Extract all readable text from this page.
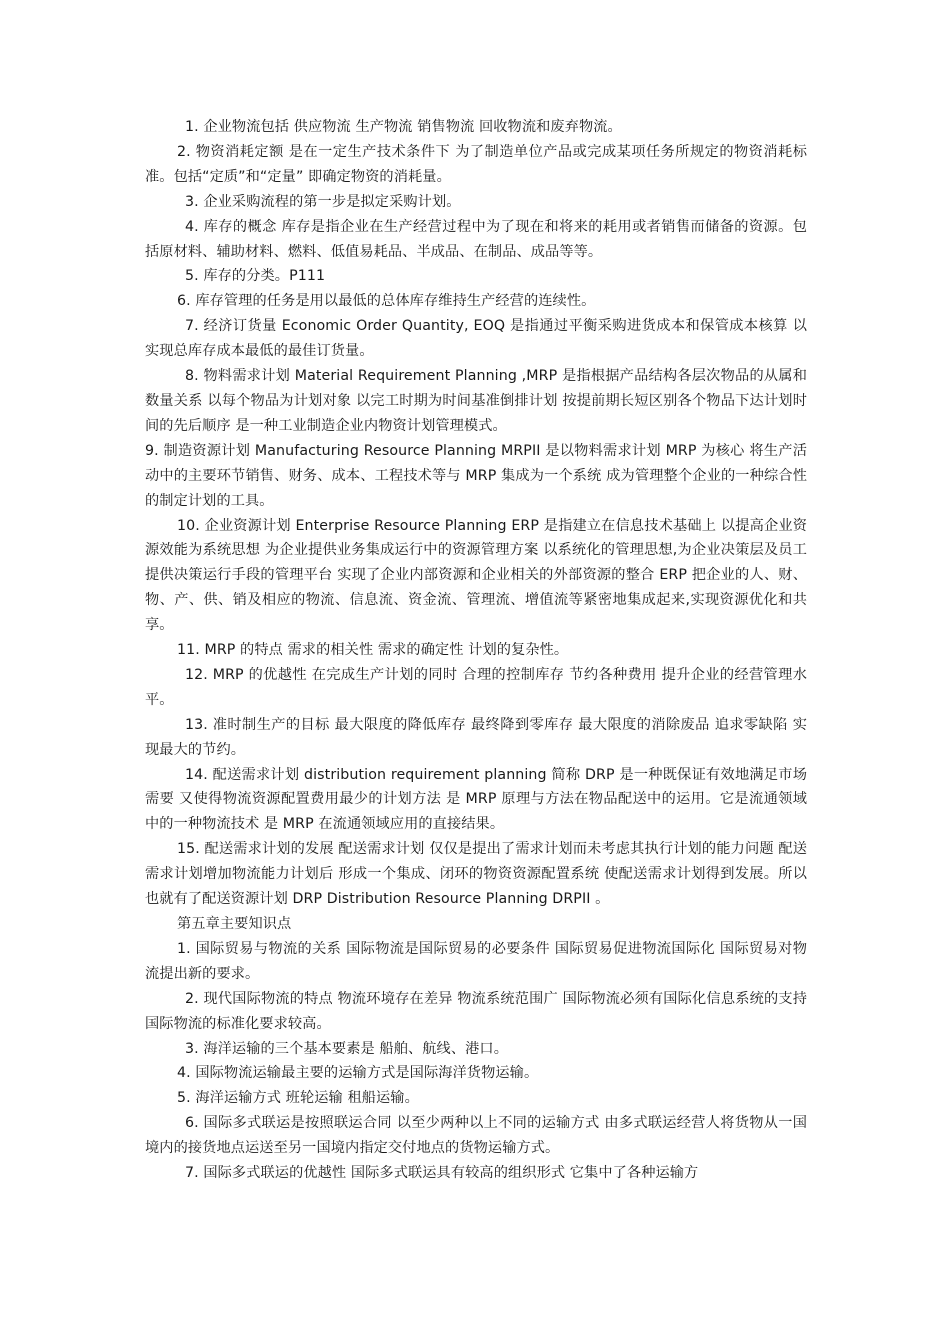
1. 企业物流包括 供应物流 生产物流 销售物流 回收物流和废弃物流。

2. 物资消耗定额 是在一定生产技术条件下 为了制造单位产品或完成某项任务所规定的物资消耗标准。包括“定质”和“定量” 即确定物资的消耗量。

3. 企业采购流程的第一步是拟定采购计划。

4. 库存的概念 库存是指企业在生产经营过程中为了现在和将来的耗用或者销售而储备的资源。包括原材料、辅助材料、燃料、低值易耗品、半成品、在制品、成品等等。

5. 库存的分类。P111

6. 库存管理的任务是用以最低的总体库存维持生产经营的连续性。

7. 经济订货量 Economic Order Quantity, EOQ 是指通过平衡采购进货成本和保管成本核算 以实现总库存成本最低的最佳订货量。

8. 物料需求计划 Material Requirement Planning ,MRP 是指根据产品结构各层次物品的从属和数量关系 以每个物品为计划对象 以完工时期为时间基准倒排计划 按提前期长短区别各个物品下达计划时间的先后顺序 是一种工业制造企业内物资计划管理模式。

9. 制造资源计划 Manufacturing Resource Planning MRPII 是以物料需求计划 MRP 为核心 将生产活动中的主要环节销售、财务、成本、工程技术等与 MRP 集成为一个系统 成为管理整个企业的一种综合性的制定计划的工具。

10. 企业资源计划 Enterprise Resource Planning ERP 是指建立在信息技术基础上 以提高企业资源效能为系统思想 为企业提供业务集成运行中的资源管理方案 以系统化的管理思想,为企业决策层及员工提供决策运行手段的管理平台 实现了企业内部资源和企业相关的外部资源的整合 ERP 把企业的人、财、物、产、供、销及相应的物流、信息流、资金流、管理流、增值流等紧密地集成起来,实现资源优化和共享。

11. MRP 的特点 需求的相关性 需求的确定性 计划的复杂性。

12. MRP 的优越性 在完成生产计划的同时 合理的控制库存 节约各种费用 提升企业的经营管理水平。

13. 准时制生产的目标 最大限度的降低库存 最终降到零库存 最大限度的消除废品 追求零缺陷 实现最大的节约。

14. 配送需求计划 distribution requirement planning 简称 DRP 是一种既保证有效地满足市场需要 又使得物流资源配置费用最少的计划方法 是 MRP 原理与方法在物品配送中的运用。它是流通领域中的一种物流技术 是 MRP 在流通领域应用的直接结果。

15. 配送需求计划的发展 配送需求计划 仅仅是提出了需求计划而未考虑其执行计划的能力问题 配送需求计划增加物流能力计划后 形成一个集成、闭环的物资资源配置系统 使配送需求计划得到发展。所以也就有了配送资源计划 DRP Distribution Resource Planning DRPII 。

第五章主要知识点

1. 国际贸易与物流的关系 国际物流是国际贸易的必要条件 国际贸易促进物流国际化 国际贸易对物流提出新的要求。

2. 现代国际物流的特点 物流环境存在差异 物流系统范围广 国际物流必须有国际化信息系统的支持 国际物流的标准化要求较高。

3. 海洋运输的三个基本要素是 船舶、航线、港口。

4. 国际物流运输最主要的运输方式是国际海洋货物运输。

5. 海洋运输方式 班轮运输 租船运输。

6. 国际多式联运是按照联运合同 以至少两种以上不同的运输方式 由多式联运经营人将货物从一国境内的接货地点运送至另一国境内指定交付地点的货物运输方式。

7. 国际多式联运的优越性 国际多式联运具有较高的组织形式 它集中了各种运输方
